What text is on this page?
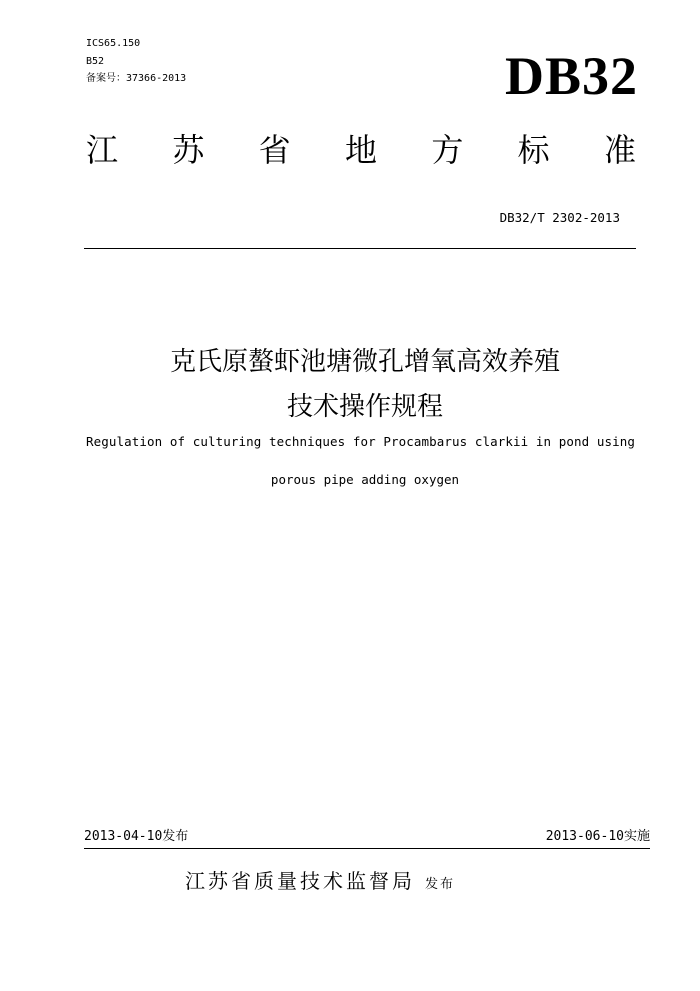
ICS65.150
B52
备案号：37366-2013	DB32
江 苏 省 地 方 标 准
DB32/T 2302-2013
克氏原螯虾池塘微孔增氧高效养殖
技术操作规程
Regulation of culturing techniques for Procambarus clarkii in pond using
porous pipe adding oxygen
2013-04-10发布	2013-06-10实施
江苏省质量技术监督局 发布
